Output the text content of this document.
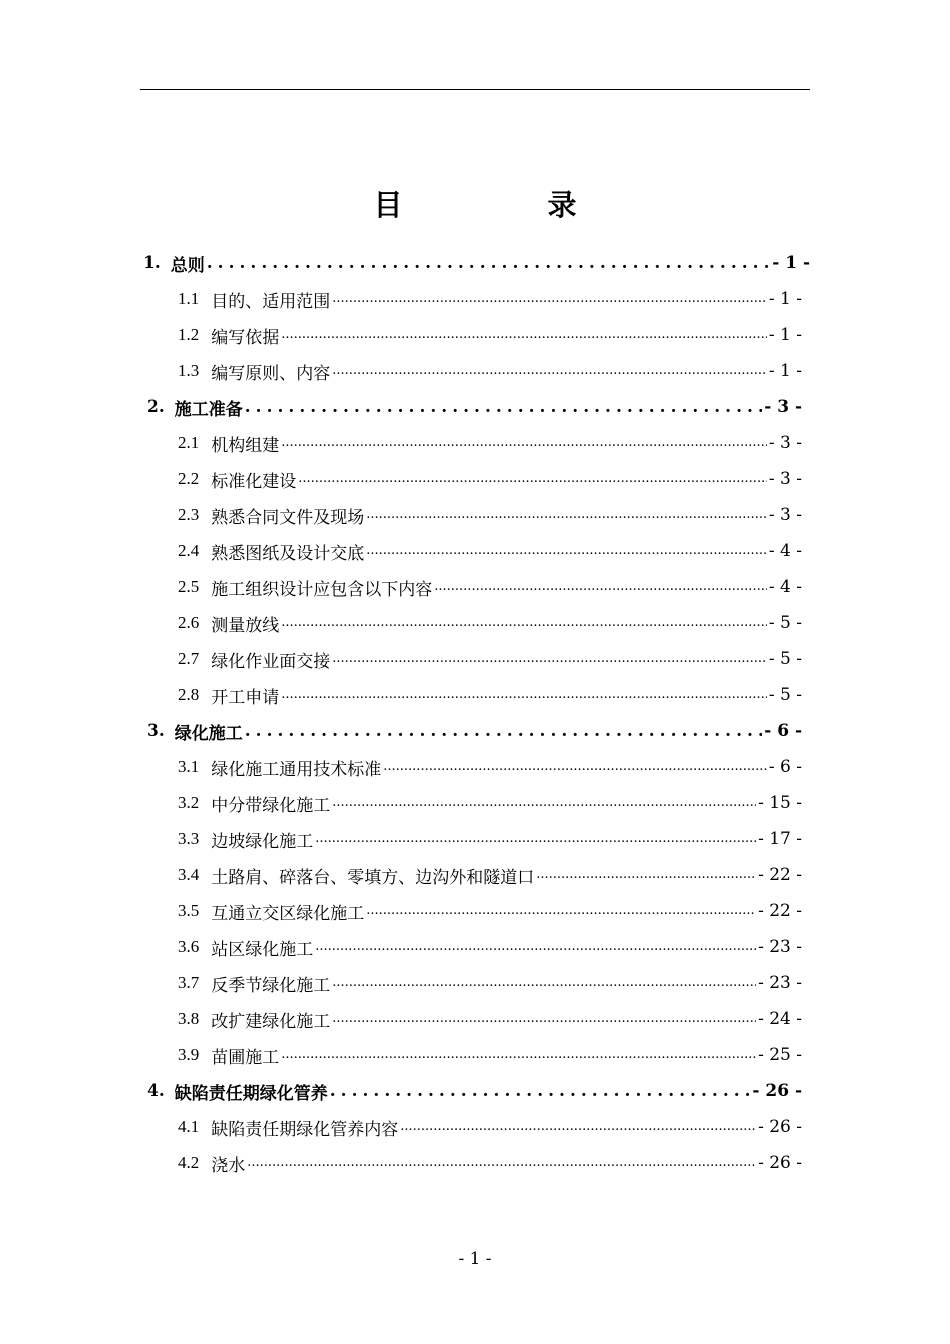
目　录
1. 总则 .....	- 1 -
1.1 目的、适用范围 .....	- 1 -
1.2 编写依据 .....	- 1 -
1.3 编写原则、内容 .....	- 1 -
2. 施工准备 .....	- 3 -
2.1 机构组建 .....	- 3 -
2.2 标准化建设 .....	- 3 -
2.3 熟悉合同文件及现场 .....	- 3 -
2.4 熟悉图纸及设计交底 .....	- 4 -
2.5 施工组织设计应包含以下内容 .....	- 4 -
2.6 测量放线 .....	- 5 -
2.7 绿化作业面交接 .....	- 5 -
2.8 开工申请 .....	- 5 -
3. 绿化施工 .....	- 6 -
3.1 绿化施工通用技术标准 .....	- 6 -
3.2 中分带绿化施工 .....	- 15 -
3.3 边坡绿化施工 .....	- 17 -
3.4 土路肩、碎落台、零填方、边沟外和隧道口 .....	- 22 -
3.5 互通立交区绿化施工 .....	- 22 -
3.6 站区绿化施工 .....	- 23 -
3.7 反季节绿化施工 .....	- 23 -
3.8 改扩建绿化施工 .....	- 24 -
3.9 苗圃施工 .....	- 25 -
4. 缺陷责任期绿化管养 .....	- 26 -
4.1 缺陷责任期绿化管养内容 .....	- 26 -
4.2 浇水 .....	- 26 -
- 1 -
